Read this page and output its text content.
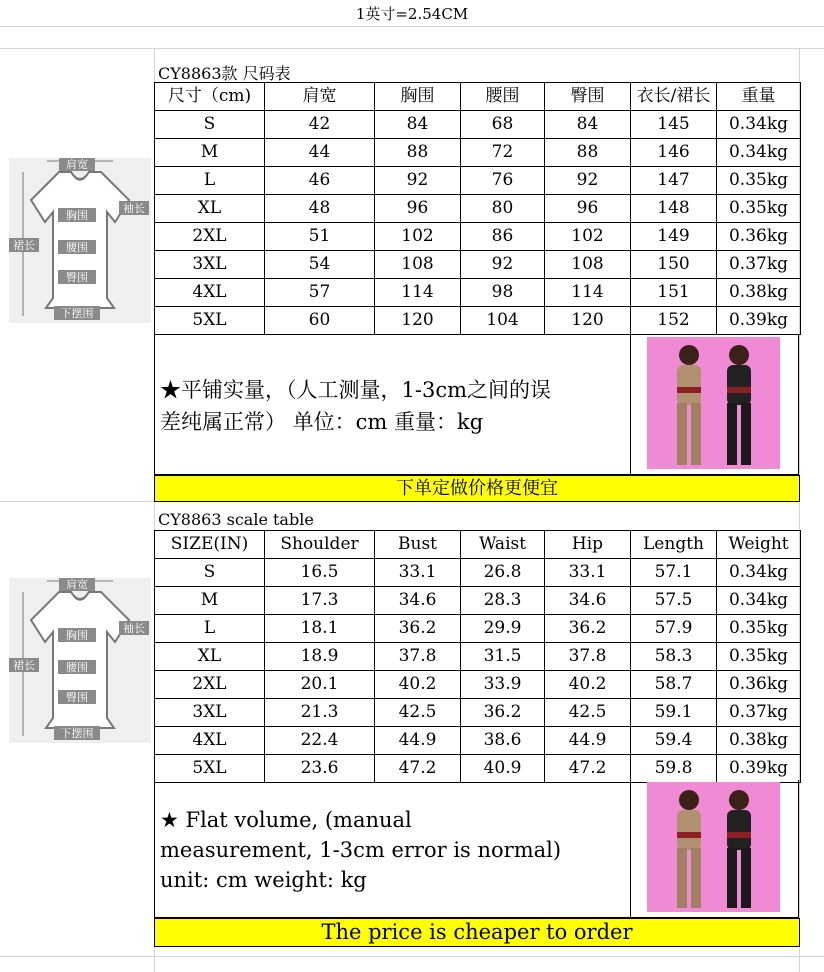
1英寸=2.54CM
肩宽
袖长
胸围
裙长	腰围
臀围
下摆围
CY8863款 尺码表
尺寸（cm)	肩宽	胸围	腰围	臀围	衣长/裙长	重量
S	42	84	68	84	145	0.34kg
M	44	88	72	88	146	0.34kg
L	46	92	76	92	147	0.35kg
XL	48	96	80	96	148	0.35kg
2XL	51	102	86	102	149	0.36kg
3XL	54	108	92	108	150	0.37kg
4XL	57	114	98	114	151	0.38kg
5XL	60	120	104	120	152	0.39kg
★平铺实量，（人工测量，1-3cm之间的误
差纯属正常） 单位：cm 重量：kg
下单定做价格更便宜
肩宽
袖长
胸围
裙长	腰围
臀围
下摆围
CY8863 scale table
SIZE(IN)	Shoulder	Bust	Waist	Hip	Length	Weight
S	16.5	33.1	26.8	33.1	57.1	0.34kg
M	17.3	34.6	28.3	34.6	57.5	0.34kg
L	18.1	36.2	29.9	36.2	57.9	0.35kg
XL	18.9	37.8	31.5	37.8	58.3	0.35kg
2XL	20.1	40.2	33.9	40.2	58.7	0.36kg
3XL	21.3	42.5	36.2	42.5	59.1	0.37kg
4XL	22.4	44.9	38.6	44.9	59.4	0.38kg
5XL	23.6	47.2	40.9	47.2	59.8	0.39kg
★ Flat volume, (manual
measurement, 1-3cm error is normal)
unit: cm weight: kg
The price is cheaper to order
